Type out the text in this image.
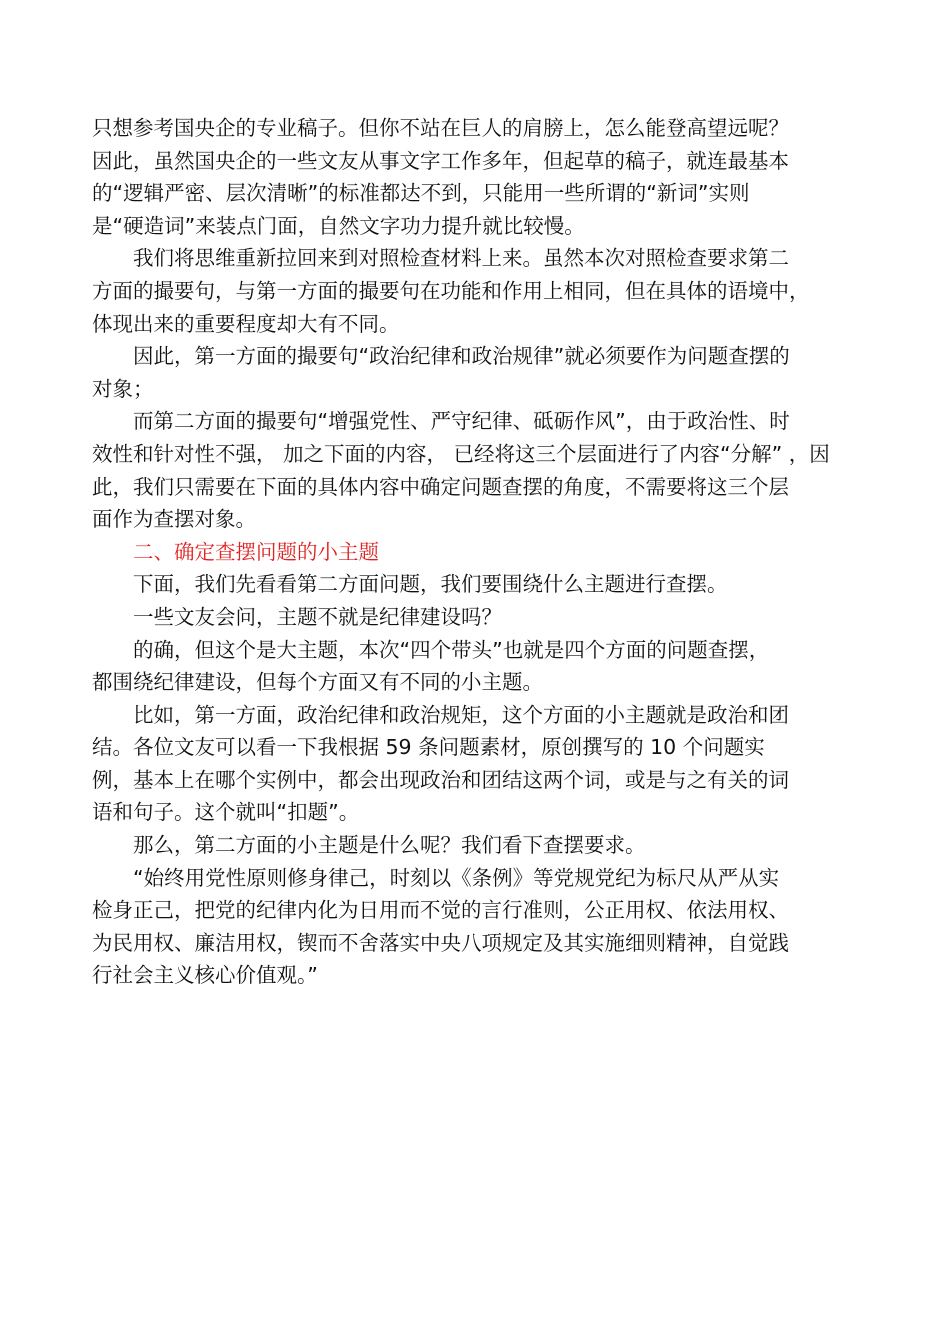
只想参考国央企的专业稿子。但你不站在巨人的肩膀上，怎么能登高望远呢？
因此，虽然国央企的一些文友从事文字工作多年，但起草的稿子，就连最基本
的“逻辑严密、层次清晰”的标准都达不到，只能用一些所谓的“新词”实则
是“硬造词”来装点门面，自然文字功力提升就比较慢。
我们将思维重新拉回来到对照检查材料上来。虽然本次对照检查要求第二
方面的撮要句，与第一方面的撮要句在功能和作用上相同，但在具体的语境中，
体现出来的重要程度却大有不同。
因此，第一方面的撮要句“政治纪律和政治规律”就必须要作为问题查摆的
对象；
而第二方面的撮要句“增强党性、严守纪律、砥砺作风”，由于政治性、时
效性和针对性不强， 加之下面的内容， 已经将这三个层面进行了内容“分解” ，因
此，我们只需要在下面的具体内容中确定问题查摆的角度，不需要将这三个层
面作为查摆对象。
二、确定查摆问题的小主题
下面，我们先看看第二方面问题，我们要围绕什么主题进行查摆。
一些文友会问，主题不就是纪律建设吗？
的确，但这个是大主题，本次“四个带头”也就是四个方面的问题查摆，
都围绕纪律建设，但每个方面又有不同的小主题。
比如，第一方面，政治纪律和政治规矩，这个方面的小主题就是政治和团
结。各位文友可以看一下我根据 59 条问题素材，原创撰写的 10 个问题实
例，基本上在哪个实例中，都会出现政治和团结这两个词，或是与之有关的词
语和句子。这个就叫“扣题”。
那么，第二方面的小主题是什么呢？我们看下查摆要求。
“始终用党性原则修身律己，时刻以《条例》等党规党纪为标尺从严从实
检身正己，把党的纪律内化为日用而不觉的言行准则，公正用权、依法用权、
为民用权、廉洁用权，锲而不舍落实中央八项规定及其实施细则精神，自觉践
行社会主义核心价值观。”
